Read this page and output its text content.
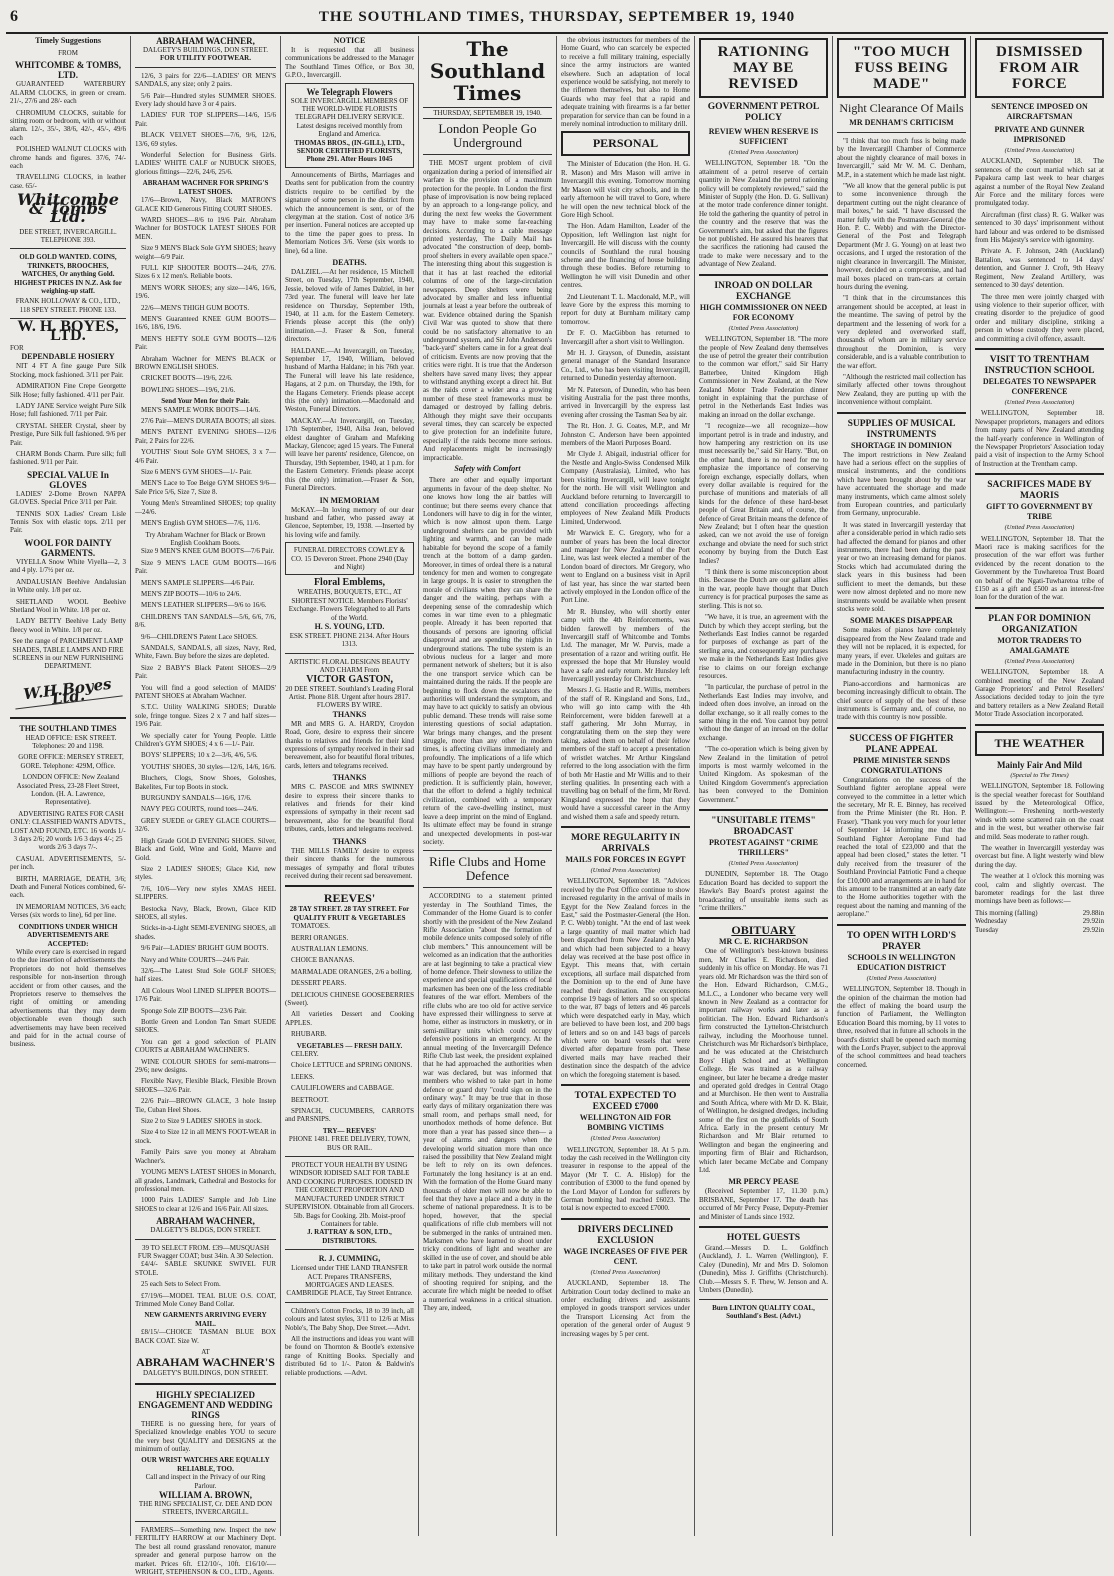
6	THE SOUTHLAND TIMES, THURSDAY, SEPTEMBER 19, 1940
Timely Suggestions
FROM
WHITCOMBE & TOMBS, LTD.
GUARANTEED WATERBURY ALARM CLOCKS, in green or cream. 21/-, 27/6 and 28/- each
CHROMIUM CLOCKS, suitable for sitting room or bedroom, with or without alarm. 12/-, 35/-, 38/6, 42/-, 45/-, 49/6 each
POLISHED WALNUT CLOCKS with chrome hands and figures. 37/6, 74/- each
TRAVELLING CLOCKS, in leather case. 65/-
Whitcombe & Tombs Ltd.
DEE STREET, INVERCARGILL.
TELEPHONE 393.
OLD GOLD WANTED. COINS, TRINKETS, BROOCHES, WATCHES, Or anything Gold. HIGHEST PRICES IN N.Z. Ask for weighing-up staff.
FRANK HOLLOWAY & CO., LTD., 118 SPEY STREET. PHONE 133.
W. H. BOYES, LTD.
FOR
DEPENDABLE HOSIERY
NIT 4 FT A fine gauge Pure Silk Stocking, mock fashioned. 3/11 per Pair.
ADMIRATION Fine Crepe Georgette Silk Hose; fully fashioned. 4/11 per Pair.
LADY JANE Service weight Pure Silk Hose; full fashioned. 7/11 per Pair.
CRYSTAL SHEER Crystal, sheer by Prestige, Pure Silk full fashioned. 9/6 per Pair.
CHARM Bonds Charm. Pure silk; full fashioned. 9/11 per Pair.
SPECIAL VALUE In GLOVES
LADIES' 2-Dome Brown NAPPA GLOVES. Special Price 3/11 per Pair.
TENNIS SOX Ladies' Cream Lisle Tennis Sox with elastic tops. 2/11 per Pair.
WOOL FOR DAINTY GARMENTS.
VIYELLA Snow White Viyella—2, 3 and 4 ply. 1/7½ per oz.
ANDALUSIAN Beehive Andalusian in White only. 1/8 per oz.
SHETLAND WOOL Beehive Shetland Wool in White. 1/8 per oz.
LADY BETTY Beehive Lady Betty fleecy wool in White. 1/8 per oz.
See the range of PARCHMENT LAMP SHADES, TABLE LAMPS AND FIRE SCREENS in our NEW FURNISHING DEPARTMENT.
W.H.Boyes Ltd.
THE SOUTHLAND TIMES
HEAD OFFICE: ESK STREET. Telephones: 20 and 1198.
GORE OFFICE: MERSEY STREET, GORE. Telephone: 429M, Office.
LONDON OFFICE: New Zealand Associated Press, 23-28 Fleet Street, London. (H. A. Lawrence, Representative).
ADVERTISING RATES FOR CASH ONLY: CLASSIFIED WANTS ADVTS., LOST AND FOUND, ETC. 16 words 1/- 3 days 2/6; 20 words 1/6 3 days 4/-; 25 words 2/6 3 days 7/-.
CASUAL ADVERTISEMENTS, 5/- per inch.
BIRTH, MARRIAGE, DEATH, 3/6; Death and Funeral Notices combined, 6/- each.
IN MEMORIAM NOTICES, 3/6 each; Verses (six words to line), 6d per line.
CONDITIONS UNDER WHICH ADVERTISEMENTS ARE ACCEPTED:
While every care is exercised in regard to the due insertion of advertisements the Proprietors do not hold themselves responsible for non-insertion through accident or from other causes, and the Proprietors reserve to themselves the right of omitting or amending advertisements that they may deem objectionable even though such advertisements may have been received and paid for in the actual course of business.
ABRAHAM WACHNER,
DALGETY'S BUILDINGS, DON STREET.
FOR UTILITY FOOTWEAR.
12/6, 3 pairs for 22/6—LADIES' OR MEN'S SANDALS, any size; only 2 pairs.
5/6 Pair—Hundred styles SUMMER SHOES. Every lady should have 3 or 4 pairs.
LADIES' FUR TOP SLIPPERS—14/6, 15/6 Pair.
BLACK VELVET SHOES—7/6, 9/6, 12/6, 13/6, 69 styles.
Wonderful Selection for Business Girls. LADIES' WHITE CALF or NUBUCK SHOES, glorious fittings—22/6, 24/6, 25/6.
ABRAHAM WACHNER FOR SPRING'S LATEST SHOES.
17/6—Brown, Navy, Black MATRON'S GLACE KID Generous Fitting COURT SHOES.
WARD SHOES—8/6 to 19/6 Pair. Abraham Wachner for BOSTOCK LATEST SHOES FOR MEN.
Size 9 MEN'S Black Sole GYM SHOES; heavy weight—6/9 Pair.
FULL KIP SHOOTER BOOTS—24/6, 27/6. Sizes 6 x 12 men's. Reliable boots.
MEN'S WORK SHOES; any size—14/6, 16/6, 19/6.
22/6—MEN'S THIGH GUM BOOTS.
MEN'S Guaranteed KNEE GUM BOOTS—16/6, 18/6, 19/6.
MEN'S HEFTY SOLE GYM BOOTS—12/6 Pair.
Abraham Wachner for MEN'S BLACK or BROWN ENGLISH SHOES.
CRICKET BOOTS—19/6, 22/6.
BOWLING SHOES—19/6, 21/6.
Send Your Men for their Pair.
MEN'S SAMPLE WORK BOOTS—14/6.
27/6 Pair—MEN'S DURATA BOOTS; all sizes.
MEN'S PATENT EVENING SHOES—12/6 Pair, 2 Pairs for 22/6.
YOUTHS' Stout Sole GYM SHOES, 3 x 7—4/6 Pair.
Size 6 MEN'S GYM SHOES—1/- Pair.
MEN'S Lace to Toe Beige GYM SHOES 9/6—Sale Price 5/6, Size 7, Size 8.
Young Men's Streamlined SHOES; top quality—24/6.
MEN'S English GYM SHOES—7/6, 11/6.
Try Abraham Wachner for Black or Brown English Cookham Boots.
Size 9 MEN'S KNEE GUM BOOTS—7/6 Pair.
Size 9 MEN'S LACE GUM BOOTS—16/6 Pair.
MEN'S SAMPLE SLIPPERS—4/6 Pair.
MEN'S ZIP BOOTS—10/6 to 24/6.
MEN'S LEATHER SLIPPERS—9/6 to 16/6.
CHILDREN'S TAN SANDALS—5/6, 6/6, 7/6, 8/6.
9/6—CHILDREN'S Patent Lace SHOES.
SANDALS, SANDALS, all sizes, Navy, Red, White, Fawn. Buy before the sizes are depleted.
Size 2 BABY'S Black Patent SHOES—2/9 Pair.
You will find a good selection of MAIDS' PATENT SHOES at Abraham Wachner.
S.T.C. Utility WALKING SHOES; Durable sole, fringe tongue. Sizes 2 x 7 and half sizes—19/6 Pair.
We specially cater for Young People. Little Children's GYM SHOES; 4 x 6 —1/- Pair.
BOYS' SLIPPERS; 10 x 2—3/6, 4/6, 5/6.
YOUTHS' SHOES, 30 styles—12/6, 14/6, 16/6.
Bluchers, Clogs, Snow Shoes, Goloshes, Bakelites, Fur top Boots in stock.
BURGUNDY SANDALS—16/6, 17/6.
NAVY PEG COURTS, round toes—24/6.
GREY SUEDE or GREY GLACE COURTS—32/6.
High Grade GOLD EVENING SHOES. Silver, Black and Gold, Wine and Gold, Mauve and Gold.
Size 2 LADIES' SHOES; Glace Kid, new styles.
7/6, 10/6—Very new styles XMAS HEEL SLIPPERS.
Bestocka Navy, Black, Brown, Glace KID SHOES, all styles.
Sticks-in-a-Light SEMI-EVENING SHOES, all shades.
9/6 Pair—LADIES' BRIGHT GUM BOOTS.
Navy and White COURTS—24/6 Pair.
32/6—The Latest Stud Sole GOLF SHOES; half sizes.
All Colours Wool LINED SLIPPER BOOTS—17/6 Pair.
Sponge Sole ZIP BOOTS—23/6 Pair.
Bottle Green and London Tan Smart SUEDE SHOES.
You can get a good selection of PLAIN COURTS at ABRAHAM WACHNER'S.
WINE COLOUR SHOES for semi-matrons—29/6; new designs.
Flexible Navy, Flexible Black, Flexible Brown SHOES—32/6 Pair.
22/6 Pair—BROWN GLACE, 3 hole Instep Tie, Cuban Heel Shoes.
Size 2 to Size 9 LADIES' SHOES in stock.
Size 4 to Size 12 in all MEN'S FOOT-WEAR in stock.
Family Pairs save you money at Abraham Wachner's.
YOUNG MEN'S LATEST SHOES in Monarch, all grades, Landmark, Cathedral and Bostocks for professional men.
1000 Pairs LADIES' Sample and Job Line SHOES to clear at 12/6 and 16/6 Pair. All sizes.
ABRAHAM WACHNER,
DALGETY'S BLDGS, DON STREET.
39 TO SELECT FROM. £39—MUSQUASH FUR Swagger COAT; bust 34in. A 30 Selection.
£4/4/- SABLE SKUNKE SWIVEL FUR STOLE.
25 each Sets to Select From.
£7/19/6—MODEL TEAL BLUE O.S. COAT, Trimmed Mole Coney Band Collar.
NEW GARMENTS ARRIVING EVERY MAIL.
£8/15/—CHOICE TASMAN BLUE BOX BACK COAT. Size W.
AT
ABRAHAM WACHNER'S
DALGETY'S BUILDINGS, DON STREET.
HIGHLY SPECIALIZED ENGAGEMENT AND WEDDING RINGS
THERE is no guessing here, for years of Specialized knowledge enables YOU to secure the very best QUALITY and DESIGNS at the minimum of outlay.
OUR WRIST WATCHES ARE EQUALLY RELIABLE, TOO.
Call and inspect in the Privacy of our Ring Parlour.
WILLIAM A. BROWN,
THE RING SPECIALIST, Cr. DEE AND DON STREETS, INVERCARGILL.
FARMERS—Something new. Inspect the new FERTILITY HARROW at our Machinery Dept. The best all round grassland renovator, manure spreader and general purpose harrow on the market. Prices 6ft. £12/10/-, 10ft. £16/10/-—WRIGHT, STEPHENSON & CO., LTD., Agents.
NOTICE
It is requested that all business communications be addressed to the Manager The Southland Times Office, or Box 30, G.P.O., Invercargill.
We Telegraph Flowers
SOLE INVERCARGILL MEMBERS OF THE WORLD-WIDE FLORISTS TELEGRAPH DELIVERY SERVICE. Latest designs received monthly from England and America.
THOMAS BROS., (IN-GILL), LTD., SENIOR CERTIFIED FLORISTS, Phone 291. After Hours 1045
Announcements of Births, Marriages and Deaths sent for publication from the country districts require to be certified by the signature of some person in the district from which the announcement is sent, or of the clergyman at the station. Cost of notice 3/6 per insertion. Funeral notices are accepted up to the time the paper goes to press. In Memoriam Notices 3/6. Verse (six words to line), 6d a line.
DEATHS.
DALZIEL.—At her residence, 15 Mitchell Street, on Tuesday, 17th September, 1940, Jessie, beloved wife of James Dalziel, in her 73rd year. The funeral will leave her late residence on Thursday, September 19th, 1940, at 11 a.m. for the Eastern Cemetery. Friends please accept this (the only) intimation.—J. Fraser & Son, funeral directors.
HALDANE.—At Invercargill, on Tuesday, September 17, 1940, William, beloved husband of Martha Haldane; in his 76th year. The Funeral will leave his late residence, Hagans, at 2 p.m. on Thursday, the 19th, for the Hagans Cemetery. Friends please accept this (the only) intimation.—Macdonald and Weston, Funeral Directors.
MACKAY.—At Invercargill, on Tuesday, 17th September, 1940, Ailsa Jean, beloved eldest daughter of Graham and Mafeking Mackay, Glencoe; aged 15 years. The Funeral will leave her parents' residence, Glencoe, on Thursday, 19th September, 1940, at 1 p.m. for the Eastern Cemetery. Friends please accept this (the only) intimation.—Fraser & Son, Funeral Directors.
IN MEMORIAM
McKAY.—In loving memory of our dear husband and father, who passed away at Glencoe, September, 19, 1938. —Inserted by his loving wife and family.
FUNERAL DIRECTORS COWLEY & CO. 15 Deveron Street. Phone 2940 (Day and Night)
Floral Emblems,
WREATHS, BOUQUETS, ETC., AT SHORTEST NOTICE. Members Florists' Exchange. Flowers Telegraphed to all Parts of the World.
H. S. YOUNG, LTD.
ESK STREET. PHONE 2134. After Hours 1313.
ARTISTIC FLORAL DESIGNS BEAUTY AND CHARM From
VICTOR GASTON,
20 DEE STREET. Southland's Leading Floral Artist. Phone 818. Urgent after hours 2817. FLOWERS BY WIRE.
THANKS
MR and MRS G. A. HARDY, Croydon Road, Gore, desire to express their sincere thanks to relatives and friends for their kind expressions of sympathy received in their sad bereavement, also for beautiful floral tributes, cards, letters and telegrams received.
THANKS
MRS C. PASCOE and MRS SWINNEY desire to express their sincere thanks to relatives and friends for their kind expressions of sympathy in their recent sad bereavement, also for the beautiful floral tributes, cards, letters and telegrams received.
THANKS
THE MILLS FAMILY desire to express their sincere thanks for the numerous messages of sympathy and floral tributes received during their recent sad bereavement.
REEVES'
28 TAY STREET. 28 TAY STREET. For QUALITY FRUIT & VEGETABLES
TOMATOES.
BERRI ORANGES.
AUSTRALIAN LEMONS.
CHOICE BANANAS.
MARMALADE ORANGES, 2/6 a bolling.
DESSERT PEARS.
DELICIOUS CHINESE GOOSEBERRIES (Sweet).
All varieties Dessert and Cooking APPLES.
RHUBARB.
VEGETABLES — FRESH DAILY.
CELERY.
Choice LETTUCE and SPRING ONIONS.
LEEKS.
CAULIFLOWERS and CABBAGE.
BEETROOT.
SPINACH, CUCUMBERS, CARROTS and PARSNIPS.
TRY— REEVES'
PHONE 1481. FREE DELIVERY, TOWN, BUS OR RAIL.
PROTECT YOUR HEALTH BY USING WINDSOR IODISED SALT FOR TABLE AND COOKING PURPOSES. IODISED IN THE CORRECT PROPORTION AND MANUFACTURED UNDER STRICT SUPERVISION. Obtainable from all Grocers. 5lb. Bags for Cooking. 2lb. Moist-proof Containers for table.
J. RATTRAY & SON, LTD., DISTRIBUTORS.
R. J. CUMMING,
Licensed under THE LAND TRANSFER ACT. Prepares TRANSFERS, MORTGAGES AND LEASES. CAMBRIDGE PLACE, Tay Street Entrance.
Children's Cotton Frocks, 18 to 39 inch, all colours and latest styles, 3/11 to 12/6 at Miss Noble's, The Baby Shop, Dee Street.—Advt.
All the instructions and ideas you want will be found on Thornton & Bootle's extensive range of Knitting Books. Specially and distributed 6d to 1/-. Paton & Baldwin's reliable productions. —Advt.
The Southland Times
THURSDAY, SEPTEMBER 19, 1940.
London People Go Underground
THE MOST urgent problem of civil organization during a period of intensified air warfare is the provision of a maximum protection for the people. In London the first phase of improvisation is now being replaced by an approach to a long-range policy, and during the next few weeks the Government may have to make some far-reaching decisions. According to a cable message printed yesterday, The Daily Mail has advocated "the construction of deep, bomb-proof shelters in every available open space." The interesting thing about this suggestion is that it has at last reached the editorial columns of one of the large-circulation newspapers. Deep shelters were being advocated by smaller and less influential journals at least a year before the outbreak of war. Evidence obtained during the Spanish Civil War was quoted to show that there could be no satisfactory alternative to an underground system, and Sir John Anderson's "back-yard" shelters came in for a great deal of criticism. Events are now proving that the critics were right. It is true that the Anderson shelters have saved many lives; they appear to withstand anything except a direct hit. But as the raids cover a wider area a growing number of these steel frameworks must be damaged or destroyed by falling debris. Although they might save their occupants several times, they can scarcely be expected to give protection for an indefinite future, especially if the raids become more serious. And replacements might be increasingly impracticable.
Safety with Comfort
There are other and equally important arguments in favour of the deep shelter. No one knows how long the air battles will continue; but there seems every chance that Londoners will have to dig in for the winter, which is now almost upon them. Large underground shelters can be provided with lighting and warmth, and can be made habitable for beyond the scope of a family trench at the bottom of a damp garden. Moreover, in times of ordeal there is a natural tendency for men and women to congregate in large groups. It is easier to strengthen the morale of civilians when they can share the danger and the waiting, perhaps with a deepening sense of the comradeship which comes in war time even to a phlegmatic people. Already it has been reported that thousands of persons are ignoring official disapproval and are spending the nights in underground stations. The tube system is an obvious nucleus for a larger and more permanent network of shelters; but it is also the one transport service which can be maintained during the raids. If the people are beginning to flock down the escalators the authorities will understand the symptom, and may have to act quickly to satisfy an obvious public demand. These trends will raise some interesting questions of social adaptation. War brings many changes, and the present struggle, more than any other in modern times, is affecting civilians immediately and profoundly. The implications of a life which may have to be spent partly underground by millions of people are beyond the reach of prediction. It is sufficiently plain, however, that the effort to defend a highly technical civilization, combined with a temporary return of the cave-dwelling instinct, must leave a deep imprint on the mind of England. Its ultimate effect may be found in strange and unexpected developments in post-war society.
Rifle Clubs and Home Defence
ACCORDING to a statement printed yesterday in The Southland Times, the Commander of the Home Guard is to confer shortly with the president of the New Zealand Rifle Association "about the formation of mobile defence units composed solely of rifle club members." This announcement will be welcomed as an indication that the authorities are at last beginning to take a practical view of home defence. Their slowness to utilize the experience and special qualifications of local marksmen has been one of the less creditable features of the war effort. Members of the rifle clubs who are too old for active service have expressed their willingness to serve at home, either as instructors in musketry, or in semi-military units which could occupy defensive positions in an emergency. At the annual meeting of the Invercargill Defence Rifle Club last week, the president explained that he had approached the authorities when war was declared, but was informed that members who wished to take part in home defence or guard duty "could sign on in the ordinary way." It may be true that in those early days of military organization there was small room, and perhaps small need, for unorthodox methods of home defence. But more than a year has passed since then— a year of alarms and dangers when the developing world situation more than once raised the possibility that New Zealand might be left to rely on its own defences. Fortunately the long hesitancy is at an end. With the formation of the Home Guard many thousands of older men will now be able to feel that they have a place and a duty in the scheme of national preparedness. It is to be hoped, however, that the special qualifications of rifle club members will not be submerged in the ranks of untrained men. Marksmen who have learned to shoot under tricky conditions of light and weather are skilled in the use of cover, and should be able to take part in patrol work outside the normal military methods. They understand the kind of shooting required for sniping, and the accurate fire which might be needed to offset a numerical weakness in a critical situation. They are, indeed,
the obvious instructors for members of the Home Guard, who can scarcely be expected to receive a full military training, especially since the army instructors are wanted elsewhere. Such an adaptation of local experience would be satisfying, not merely to the riflemen themselves, but also to Home Guards who may feel that a rapid and adequate training with firearms is a far better preparation for service than can be found in a merely nominal introduction to military drill.
PERSONAL
The Minister of Education (the Hon. H. G. R. Mason) and Mrs Mason will arrive in Invercargill this evening. Tomorrow morning Mr Mason will visit city schools, and in the early afternoon he will travel to Gore, where he will open the new technical block of the Gore High School.
The Hon. Adam Hamilton, Leader of the Opposition, left Wellington last night for Invercargill. He will discuss with the county councils of Southland the rural housing scheme and the financing of house building through these bodies. Before returning to Wellington he will visit Dunedin and other centres.
2nd Lieutenant T. L. Macdonald, M.P., will leave Gore by the express this morning to report for duty at Burnham military camp tomorrow.
Dr F. O. MacGibbon has returned to Invercargill after a short visit to Wellington.
Mr H. J. Grayson, of Dunedin, assistant general manager of the Standard Insurance Co., Ltd., who has been visiting Invercargill, returned to Dunedin yesterday afternoon.
Mr N. Paterson, of Dunedin, who has been visiting Australia for the past three months, arrived in Invercargill by the express last evening after crossing the Tasman Sea by air.
The Rt. Hon. J. G. Coates, M.P., and Mr Johnston C. Anderson have been appointed members of the Maori Purposes Board.
Mr Clyde J. Abigail, industrial officer for the Nestle and Anglo-Swiss Condensed Milk Company (Australasia), Limited, who has been visiting Invercargill, will leave tonight for the north. He will visit Wellington and Auckland before returning to Invercargill to attend conciliation proceedings affecting employees of New Zealand Milk Products Limited, Underwood.
Mr Warwick E. C. Gregory, who for a number of years has been the local director and manager for New Zealand of the Port Line, was last week elected a member of the London board of directors. Mr Gregory, who went to England on a business visit in April of last year, has since the war started been actively employed in the London office of the Port Line.
Mr R. Hunsley, who will shortly enter camp with the 4th Reinforcements, was bidden farewell by members of the Invercargill staff of Whitcombe and Tombs Ltd. The manager, Mr W. Purvis, made a presentation of a razor and writing outfit. He expressed the hope that Mr Hunsley would have a safe and early return. Mr Hunsley left Invercargill yesterday for Christchurch.
Messrs J. G. Hastie and R. Willis, members of the staff of R. Kingsland and Sons, Ltd., who will go into camp with the 4th Reinforcement, were bidden farewell at a staff gathering. Mr John Murray, in congratulating them on the step they were taking, asked them on behalf of their fellow members of the staff to accept a presentation of wristlet watches. Mr Arthur Kingsland referred to the long association with the firm of both Mr Hastie and Mr Willis and to their sterling qualities. In presenting each with a travelling bag on behalf of the firm, Mr Revd. Kingsland expressed the hope that they would have a successful career in the Army and wished them a safe and speedy return.
MORE REGULARITY IN ARRIVALS
MAILS FOR FORCES IN EGYPT
(United Press Association)
WELLINGTON, September 18. "Advices received by the Post Office continue to show increased regularity in the arrival of mails in Egypt for the New Zealand forces in the East," said the Postmaster-General (the Hon. P. C. Webb) tonight. "At the end of last week a large quantity of mail matter which had been dispatched from New Zealand in May and which had been subjected to a heavy delay was received at the base post office in Egypt. This means that, with certain exceptions, all surface mail dispatched from the Dominion up to the end of June have reached their destination. The exceptions comprise 19 bags of letters and so on special to the war, 87 bags of letters and 46 parcels which were despatched early in May, which are believed to have been lost, and 200 bags of letters and so on and 143 bags of parcels which were on board vessels that were diverted after departure from port. These diverted mails may have reached their destination since the despatch of the advice on which the foregoing statement is based.
TOTAL EXPECTED TO EXCEED £7000
WELLINGTON AID FOR BOMBING VICTIMS
(United Press Association)
WELLINGTON, September 18. At 5 p.m. today the cash received in the Wellington city treasurer in response to the appeal of the Mayor (Mr T. C. A. Hislop) for the contribution of £3000 to the fund opened by the Lord Mayor of London for sufferers by German bombing had reached £6023. The total is now expected to exceed £7000.
DRIVERS DECLINED EXCLUSION
WAGE INCREASES OF FIVE PER CENT.
(United Press Association)
AUCKLAND, September 18. The Arbitration Court today declined to make an order excluding drivers and assistants employed in goods transport services under the Transport Licensing Act from the operation of the general order of August 9 increasing wages by 5 per cent.
RATIONING MAY BE REVISED
GOVERNMENT PETROL POLICY
REVIEW WHEN RESERVE IS SUFFICIENT
(United Press Association)
WELLINGTON, September 18. "On the attainment of a petrol reserve of certain quantity in New Zealand the petrol rationing policy will be completely reviewed," said the Minister of Supply (the Hon. D. G. Sullivan) at the motor trade conference dinner tonight. He told the gathering the quantity of petrol in the country and the reserve that was the Government's aim, but asked that the figures be not published. He assured his hearers that the sacrifices the rationing had caused the trade to make were necessary and to the advantage of New Zealand.
INROAD ON DOLLAR EXCHANGE
HIGH COMMISSIONER ON NEED FOR ECONOMY
(United Press Association)
WELLINGTON, September 18. "The more the people of New Zealand deny themselves the use of petrol the greater their contribution to the common war effort," said Sir Harry Batterbee, United Kingdom High Commissioner in New Zealand, at the New Zealand Motor Trade Federation dinner tonight in explaining that the purchase of petrol in the Netherlands East Indies was making an inroad on the dollar exchange.
"I recognize—we all recognize—how important petrol is in trade and industry, and how hampering any restriction on its use must necessarily be," said Sir Harry. "But, on the other hand, there is no need for me to emphasize the importance of conserving foreign exchange, especially dollars, when every dollar available is required for the purchase of munitions and materials of all kinds for the defence of these hard-beset people of Great Britain and, of course, the defence of Great Britain means the defence of New Zealand; but I often hear the question asked, can we not avoid the use of foreign exchange and obviate the need for such strict economy by buying from the Dutch East Indies?
"I think there is some misconception about this. Because the Dutch are our gallant allies in the war, people have thought that Dutch currency is for practical purposes the same as sterling. This is not so.
"We have, it is true, an agreement with the Dutch by which they accept sterling, but the Netherlands East Indies cannot be regarded for purposes of exchange as part of the sterling area, and consequently any purchases we make in the Netherlands East Indies give rise to claims on our foreign exchange resources.
"In particular, the purchase of petrol in the Netherlands East Indies may involve, and indeed often does involve, an inroad on the dollar exchange, so it all really comes to the same thing in the end. You cannot buy petrol without the danger of an inroad on the dollar exchange.
"The co-operation which is being given by New Zealand in the limitation of petrol imports is most warmly welcomed in the United Kingdom. As spokesman of the United Kingdom Government's appreciation has been conveyed to the Dominion Government."
"UNSUITABLE ITEMS" BROADCAST
PROTEST AGAINST "CRIME THRILLERS"
(United Press Association)
DUNEDIN, September 18. The Otago Education Board has decided to support the Hawke's Bay Board's protest against the broadcasting of unsuitable items such as "crime thrillers."
OBITUARY
MR C. E. RICHARDSON
One of Wellington's best-known business men, Mr Charles E. Richardson, died suddenly in his office on Monday. He was 71 years old. Mr Richardson was the third son of the Hon. Edward Richardson, C.M.G., M.L.C., a Londoner who became very well known in New Zealand as a contractor for important railway works and later as a politician. The Hon. Edward Richardson's firm constructed the Lyttelton-Christchurch railway, including the Moorhouse tunnel. Christchurch was Mr Richardson's birthplace, and he was educated at the Christchurch Boys' High School and at Wellington College. He was trained as a railway engineer, but later he became a dredge master and operated gold dredges in Central Otago and at Murchison. He then went to Australia and South Africa, where with Mr D. K. Blair, of Wellington, he designed dredges, including some of the first on the goldfields of South Africa. Early in the present century Mr Richardson and Mr Blair returned to Wellington and began the engineering and importing firm of Blair and Richardson, which later became McCabe and Company Ltd.
MR PERCY PEASE
(Received September 17, 11.30 p.m.) BRISBANE, September 17. The death has occurred of Mr Percy Pease, Deputy-Premier and Minister of Lands since 1932.
HOTEL GUESTS
Grand.—Messrs D. L. Goldfinch (Auckland), J. L. Warren (Wellington), F. Caley (Dunedin), Mr and Mrs D. Solomon (Dunedin), Miss J. Griffiths (Christchurch). Club.—Messrs S. F. Thew, W. Jenson and A. Umbers (Dunedin).
Burn LINTON QUALITY COAL, Southland's Best. (Advt.)
"TOO MUCH FUSS BEING MADE"
Night Clearance Of Mails
MR DENHAM'S CRITICISM
"I think that too much fuss is being made by the Invercargill Chamber of Commerce about the nightly clearance of mail boxes in Invercargill," said Mr W. M. C. Denham, M.P., in a statement which he made last night.
"We all know that the general public is put to some inconvenience through the department cutting out the night clearance of mail boxes," he said. "I have discussed the matter fully with the Postmaster-General (the Hon. P. C. Webb) and with the Director-General of the Post and Telegraph Department (Mr J. G. Young) on at least two occasions, and I urged the restoration of the night clearance in Invercargill. The Minister, however, decided on a compromise, and had mail boxes placed on tram-cars at certain hours during the evening.
"I think that in the circumstances this arrangement should be accepted, at least in the meantime. The saving of petrol by the department and the lessening of work for a very depleted and overworked staff, thousands of whom are in military service throughout the Dominion, is very considerable, and is a valuable contribution to the war effort.
"Although the restricted mail collection has similarly affected other towns throughout New Zealand, they are putting up with the inconvenience without complaint.
SUPPLIES OF MUSICAL INSTRUMENTS
SHORTAGE IN DOMINION
The import restrictions in New Zealand have had a serious effect on the supplies of musical instruments, and the conditions which have been brought about by the war have accentuated the shortage and made many instruments, which came almost solely from European countries, and particularly from Germany, unprocurable.
It was stated in Invercargill yesterday that after a considerable period in which radio sets had affected the demand for pianos and other instruments, there had been during the past year or two an increasing demand for pianos. Stocks which had accumulated during the slack years in this business had been sufficient to meet the demands, but these were now almost depleted and no more new instruments would be available when present stocks were sold.
SOME MAKES DISAPPEAR
Some makes of pianos have completely disappeared from the New Zealand trade and they will not be replaced, it is expected, for many years, if ever. Ukeleles and guitars are made in the Dominion, but there is no piano manufacturing industry in the country.
Piano-accordions and harmonicas are becoming increasingly difficult to obtain. The chief source of supply of the best of these instruments is Germany and, of course, no trade with this country is now possible.
SUCCESS OF FIGHTER PLANE APPEAL
PRIME MINISTER SENDS CONGRATULATIONS
Congratulations on the success of the Southland fighter aeroplane appeal were conveyed to the committee in a letter which the secretary, Mr R. E. Binney, has received from the Prime Minister (the Rt. Hon. P. Fraser). "Thank you very much for your letter of September 14 informing me that the Southland Fighter Aeroplane Fund had reached the total of £23,000 and that the appeal had been closed," states the letter. "I duly received from the treasurer of the Southland Provincial Patriotic Fund a cheque for £10,000 and arrangements are in hand for this amount to be transmitted at an early date to the Home authorities together with the request about the naming and manning of the aeroplane."
TO OPEN WITH LORD'S PRAYER
SCHOOLS IN WELLINGTON EDUCATION DISTRICT
(United Press Association)
WELLINGTON, September 18. Though in the opinion of the chairman the motion had the effect of making the board usurp the function of Parliament, the Wellington Education Board this morning, by 11 votes to three, resolved that in future all schools in the board's district shall be opened each morning with the Lord's Prayer, subject to the approval of the school committees and head teachers concerned.
DISMISSED FROM AIR FORCE
SENTENCE IMPOSED ON AIRCRAFTSMAN
PRIVATE AND GUNNER IMPRISONED
(United Press Association)
AUCKLAND, September 18. The sentences of the court martial which sat at Papakura camp last week to hear charges against a number of the Royal New Zealand Air Force and the military forces were promulgated today.
Aircraftman (first class) R. G. Walker was sentenced to 30 days' imprisonment without hard labour and was ordered to be dismissed from His Majesty's service with ignominy.
Private A. F. Johnson, 24th (Auckland) Battalion, was sentenced to 14 days' detention, and Gunner J. Croft, 9th Heavy Regiment, New Zealand Artillery, was sentenced to 30 days' detention.
The three men were jointly charged with using violence to their superior officer, with creating disorder to the prejudice of good order and military discipline, striking a person in whose custody they were placed, and committing a civil offence, assault.
VISIT TO TRENTHAM INSTRUCTION SCHOOL
DELEGATES TO NEWSPAPER CONFERENCE
(United Press Association)
WELLINGTON, September 18. Newspaper proprietors, managers and editors from many parts of New Zealand attending the half-yearly conference in Wellington of the Newspaper Proprietors' Association today paid a visit of inspection to the Army School of Instruction at the Trentham camp.
SACRIFICES MADE BY MAORIS
GIFT TO GOVERNMENT BY TRIBE
(United Press Association)
WELLINGTON, September 18. That the Maori race is making sacrifices for the prosecution of the war effort was further evidenced by the recent donation to the Government by the Tuwharetoa Trust Board on behalf of the Ngati-Tuwharetoa tribe of £150 as a gift and £500 as an interest-free loan for the duration of the war.
PLAN FOR DOMINION ORGANIZATION
MOTOR TRADERS TO AMALGAMATE
(United Press Association)
WELLINGTON, September 18. A combined meeting of the New Zealand Garage Proprietors' and Petrol Resellers' Associations decided today to join the tyre and battery retailers as a New Zealand Retail Motor Trade Association incorporated.
THE WEATHER
Mainly Fair And Mild
(Special to The Times)
WELLINGTON, September 18. Following is the special weather forecast for Southland issued by the Meteorological Office, Wellington:— Freshening north-westerly winds with some scattered rain on the coast and in the west, but weather otherwise fair and mild. Seas moderate to rather rough.
The weather in Invercargill yesterday was overcast but fine. A light westerly wind blew during the day.
The weather at 1 o'clock this morning was cool, calm and slightly overcast. The barometer readings for the last three mornings have been as follows:—
This morning (falling)	29.88in
Wednesday	29.92in
Tuesday	29.92in
